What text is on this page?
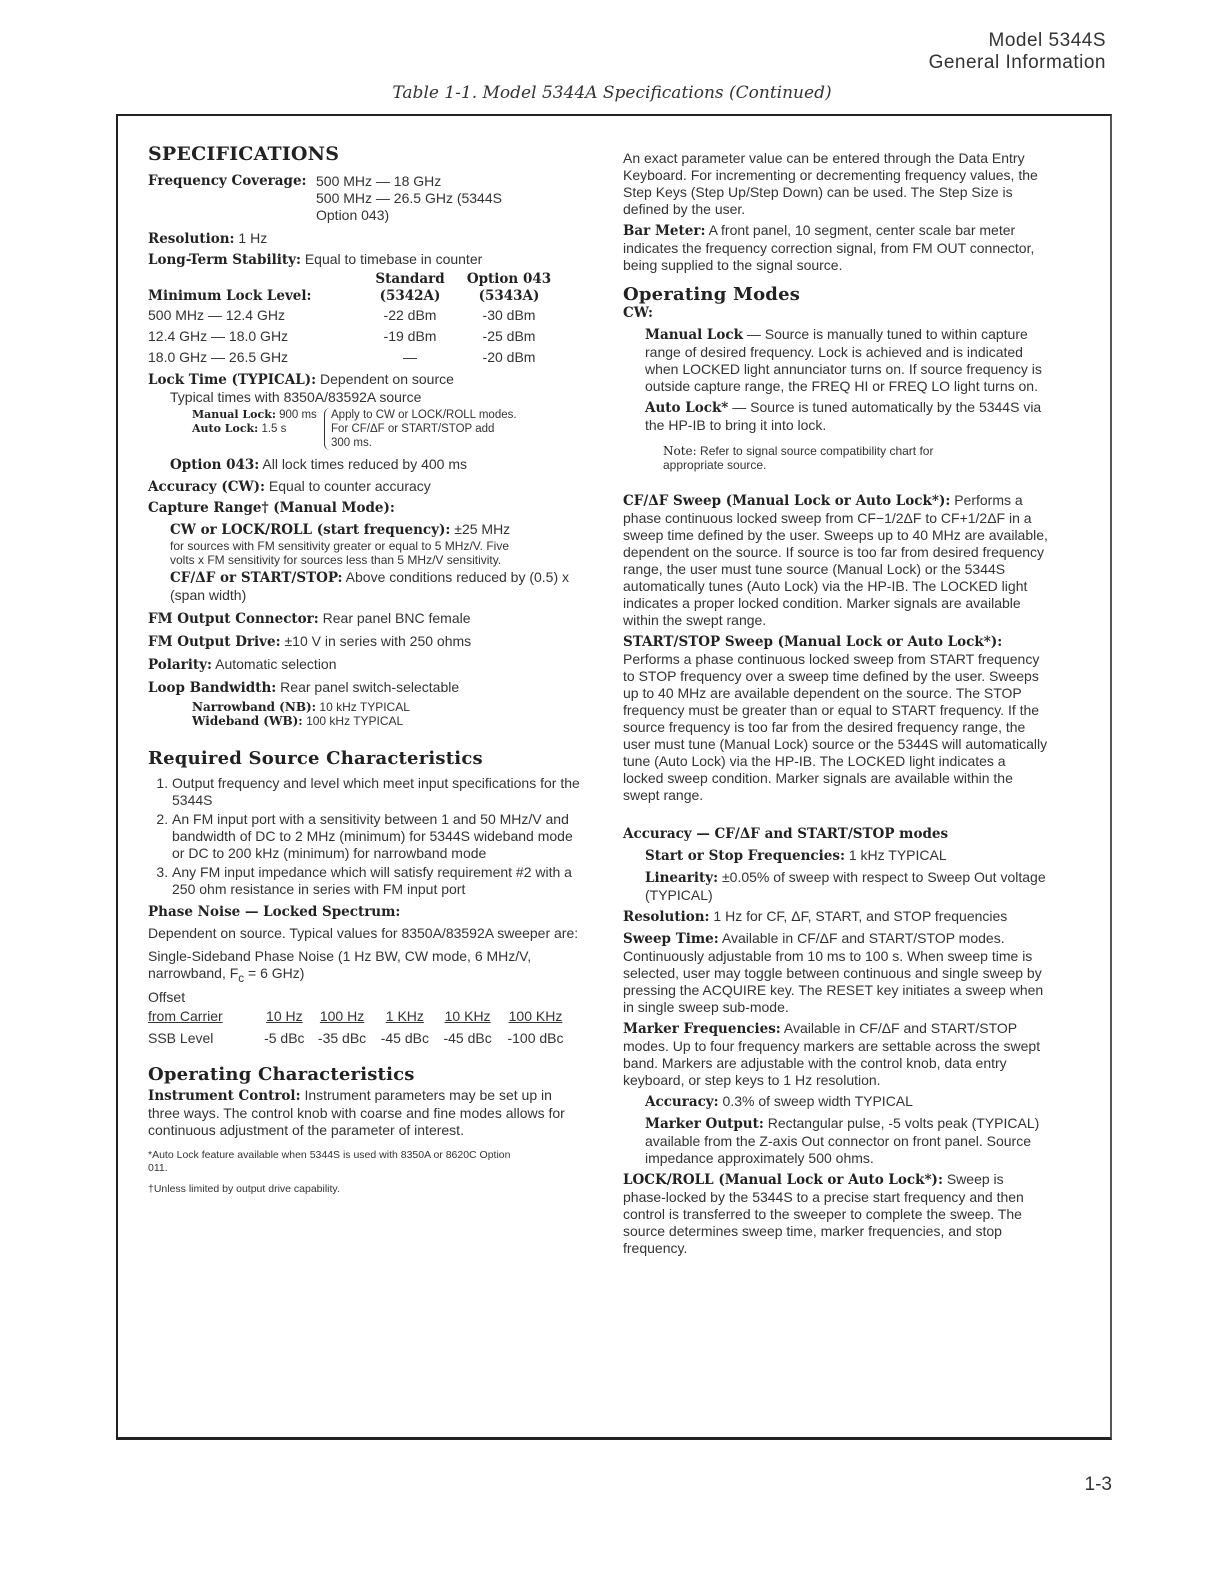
Model 5344S
General Information
Table 1-1. Model 5344A Specifications (Continued)
SPECIFICATIONS
Frequency Coverage: 500 MHz — 18 GHz
500 MHz — 26.5 GHz (5344S
Option 043)

Resolution: 1 Hz

Long-Term Stability: Equal to timebase in counter

	Standard	Option 043
Minimum Lock Level:	(5342A)	(5343A)
500 MHz — 12.4 GHz	-22 dBm	-30 dBm
12.4 GHz — 18.0 GHz	-19 dBm	-25 dBm
18.0 GHz — 26.5 GHz	—	-20 dBm

Lock Time (TYPICAL): Dependent on source

Typical times with 8350A/83592A source

Manual Lock: 900 ms
Auto Lock: 1.5 s
Apply to CW or LOCK/ROLL modes.
For CF/ΔF or START/STOP add
300 ms.

Option 043: All lock times reduced by 400 ms

Accuracy (CW): Equal to counter accuracy

Capture Range† (Manual Mode):

CW or LOCK/ROLL (start frequency): ±25 MHz

for sources with FM sensitivity greater or equal to 5 MHz/V. Five volts x FM sensitivity for sources less than 5 MHz/V sensitivity.

CF/ΔF or START/STOP: Above conditions reduced by (0.5) x (span width)

FM Output Connector: Rear panel BNC female

FM Output Drive: ±10 V in series with 250 ohms

Polarity: Automatic selection

Loop Bandwidth: Rear panel switch-selectable

Narrowband (NB): 10 kHz TYPICAL

Wideband (WB): 100 kHz TYPICAL

Required Source Characteristics
1. Output frequency and level which meet input specifications for the 5344S
2. An FM input port with a sensitivity between 1 and 50 MHz/V and bandwidth of DC to 2 MHz (minimum) for 5344S wideband mode or DC to 200 kHz (minimum) for narrowband mode
3. Any FM input impedance which will satisfy requirement #2 with a 250 ohm resistance in series with FM input port

Phase Noise — Locked Spectrum:

Dependent on source. Typical values for 8350A/83592A sweeper are:

Single-Sideband Phase Noise (1 Hz BW, CW mode, 6 MHz/V,
narrowband, $F_c = 6$ GHz)

Offset

from Carrier	10 Hz	100 Hz	1 KHz	10 KHz	100 KHz
SSB Level	-5 dBc	-35 dBc	-45 dBc	-45 dBc	-100 dBc
Operating Characteristics

Instrument Control: Instrument parameters may be set up in three ways. The control knob with coarse and fine modes allows for continuous adjustment of the parameter of interest.

*Auto Lock feature available when 5344S is used with 8350A or 8620C Option 011.

†Unless limited by output drive capability.

An exact parameter value can be entered through the Data Entry Keyboard. For incrementing or decrementing frequency values, the Step Keys (Step Up/Step Down) can be used. The Step Size is defined by the user.

Bar Meter: A front panel, 10 segment, center scale bar meter indicates the frequency correction signal, from FM OUT connector, being supplied to the signal source.

Operating Modes

CW:

Manual Lock — Source is manually tuned to within capture range of desired frequency. Lock is achieved and is indicated when LOCKED light annunciator turns on. If source frequency is outside capture range, the FREQ HI or FREQ LO light turns on.

Auto Lock* — Source is tuned automatically by the 5344S via the HP-IB to bring it into lock.

Note: Refer to signal source compatibility chart for appropriate source.

CF/ΔF Sweep (Manual Lock or Auto Lock*): Performs a phase continuous locked sweep from CF−1/2ΔF to CF+1/2ΔF in a sweep time defined by the user. Sweeps up to 40 MHz are available, dependent on the source. If source is too far from desired frequency range, the user must tune source (Manual Lock) or the 5344S automatically tunes (Auto Lock) via the HP-IB. The LOCKED light indicates a proper locked condition. Marker signals are available within the swept range.

START/STOP Sweep (Manual Lock or Auto Lock*): Performs a phase continuous locked sweep from START frequency to STOP frequency over a sweep time defined by the user. Sweeps up to 40 MHz are available dependent on the source. The STOP frequency must be greater than or equal to START frequency. If the source frequency is too far from the desired frequency range, the user must tune (Manual Lock) source or the 5344S will automatically tune (Auto Lock) via the HP-IB. The LOCKED light indicates a locked sweep condition. Marker signals are available within the swept range.

Accuracy — CF/ΔF and START/STOP modes

Start or Stop Frequencies: 1 kHz TYPICAL

Linearity: ±0.05% of sweep with respect to Sweep Out voltage (TYPICAL)

Resolution: 1 Hz for CF, ΔF, START, and STOP frequencies

Sweep Time: Available in CF/ΔF and START/STOP modes. Continuously adjustable from 10 ms to 100 s. When sweep time is selected, user may toggle between continuous and single sweep by pressing the ACQUIRE key. The RESET key initiates a sweep when in single sweep sub-mode.

Marker Frequencies: Available in CF/ΔF and START/STOP modes. Up to four frequency markers are settable across the swept band. Markers are adjustable with the control knob, data entry keyboard, or step keys to 1 Hz resolution.

Accuracy: 0.3% of sweep width TYPICAL

Marker Output: Rectangular pulse, -5 volts peak (TYPICAL) available from the Z-axis Out connector on front panel. Source impedance approximately 500 ohms.

LOCK/ROLL (Manual Lock or Auto Lock*): Sweep is phase-locked by the 5344S to a precise start frequency and then control is transferred to the sweeper to complete the sweep. The source determines sweep time, marker frequencies, and stop frequency.

1-3
